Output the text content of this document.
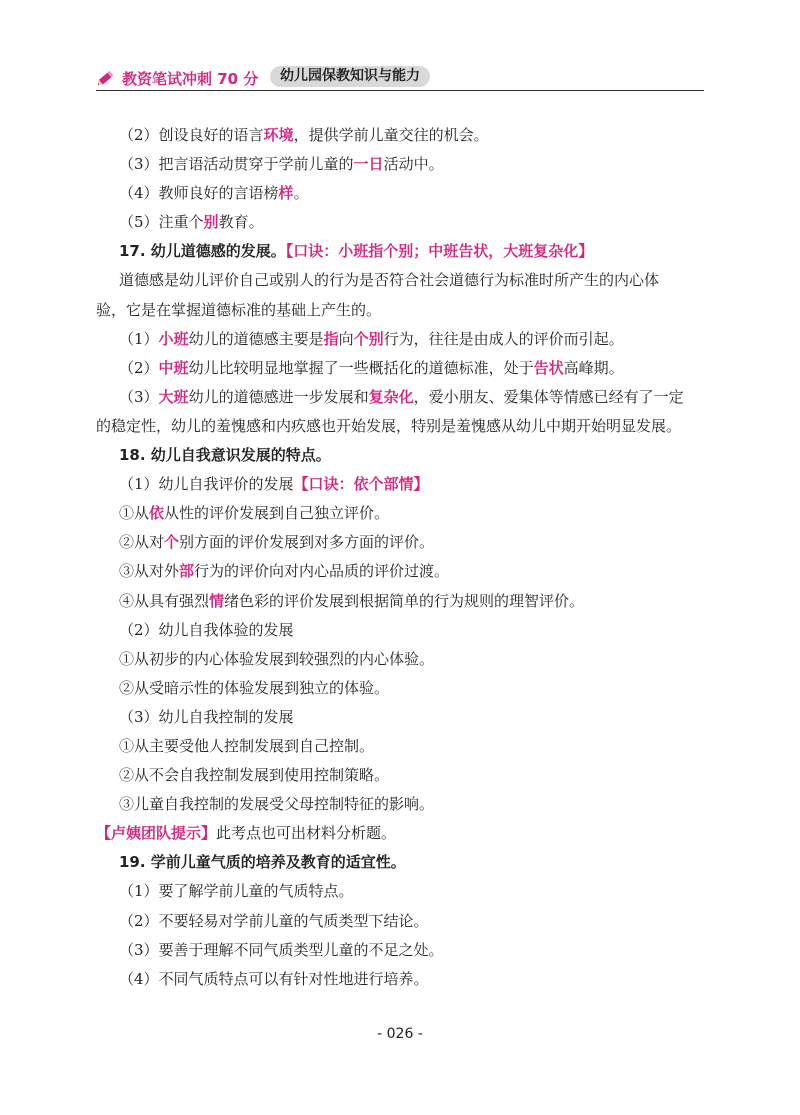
教资笔试冲刺 70 分	幼儿园保教知识与能力
（2）创设良好的语言环境，提供学前儿童交往的机会。
（3）把言语活动贯穿于学前儿童的一日活动中。
（4）教师良好的言语榜样。
（5）注重个别教育。
17. 幼儿道德感的发展。【口诀：小班指个别；中班告状，大班复杂化】
道德感是幼儿评价自己或别人的行为是否符合社会道德行为标准时所产生的内心体
验，它是在掌握道德标准的基础上产生的。
（1）小班幼儿的道德感主要是指向个别行为，往往是由成人的评价而引起。
（2）中班幼儿比较明显地掌握了一些概括化的道德标准，处于告状高峰期。
（3）大班幼儿的道德感进一步发展和复杂化，爱小朋友、爱集体等情感已经有了一定
的稳定性，幼儿的羞愧感和内疚感也开始发展，特别是羞愧感从幼儿中期开始明显发展。
18. 幼儿自我意识发展的特点。
（1）幼儿自我评价的发展【口诀：依个部情】
①从依从性的评价发展到自己独立评价。
②从对个别方面的评价发展到对多方面的评价。
③从对外部行为的评价向对内心品质的评价过渡。
④从具有强烈情绪色彩的评价发展到根据简单的行为规则的理智评价。
（2）幼儿自我体验的发展
①从初步的内心体验发展到较强烈的内心体验。
②从受暗示性的体验发展到独立的体验。
（3）幼儿自我控制的发展
①从主要受他人控制发展到自己控制。
②从不会自我控制发展到使用控制策略。
③儿童自我控制的发展受父母控制特征的影响。
【卢姨团队提示】此考点也可出材料分析题。
19. 学前儿童气质的培养及教育的适宜性。
（1）要了解学前儿童的气质特点。
（2）不要轻易对学前儿童的气质类型下结论。
（3）要善于理解不同气质类型儿童的不足之处。
（4）不同气质特点可以有针对性地进行培养。
- 026 -
